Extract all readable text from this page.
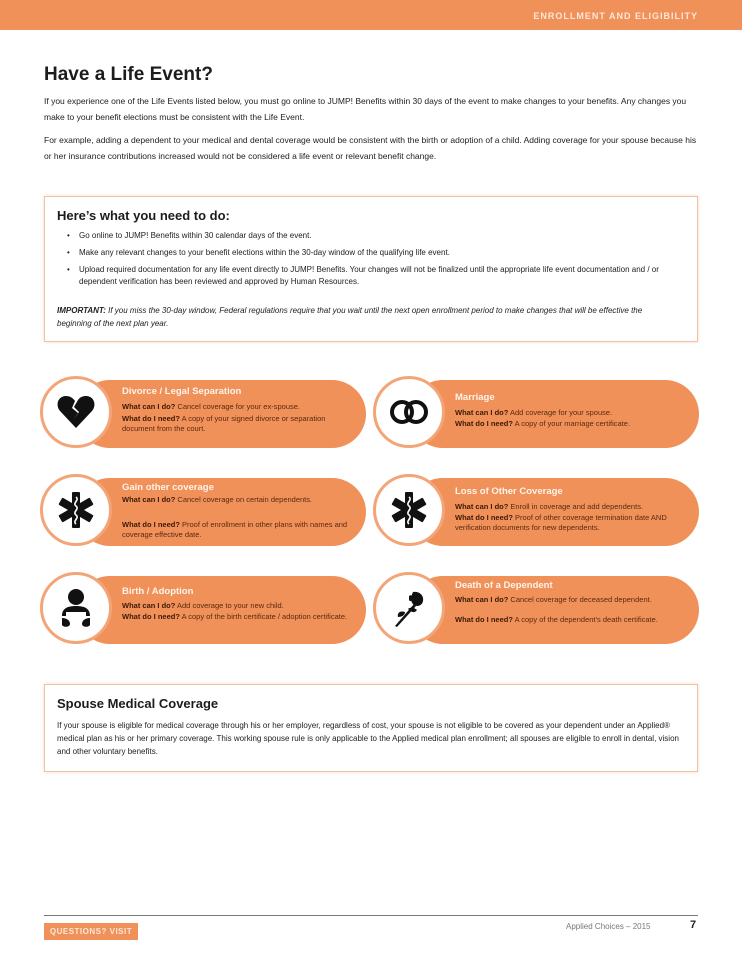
ENROLLMENT AND ELIGIBILITY
Have a Life Event?

If you experience one of the Life Events listed below, you must go online to JUMP! Benefits within 30 days of the event to make changes to your benefits. Any changes you make to your benefit elections must be consistent with the Life Event.

For example, adding a dependent to your medical and dental coverage would be consistent with the birth or adoption of a child. Adding coverage for your spouse because his or her insurance contributions increased would not be considered a life event or relevant benefit change.

Here’s what you need to do:
• Go online to JUMP! Benefits within 30 calendar days of the event.
• Make any relevant changes to your benefit elections within the 30-day window of the qualifying life event.
• Upload required documentation for any life event directly to JUMP! Benefits. Your changes will not be finalized until the appropriate life event documentation and / or dependent verification has been reviewed and approved by Human Resources.

IMPORTANT: If you miss the 30-day window, Federal regulations require that you wait until the next open enrollment period to make changes that will be effective the beginning of the next plan year.

Divorce / Legal Separation
What can I do? Cancel coverage for your ex-spouse.
What do I need? A copy of your signed divorce or separation document from the court.
Marriage
What can I do? Add coverage for your spouse.
What do I need? A copy of your marriage certificate.
Gain other coverage
What can I do? Cancel coverage on certain dependents.
What do I need? Proof of enrollment in other plans with names and coverage effective date.
Loss of Other Coverage
What can I do? Enroll in coverage and add dependents.
What do I need? Proof of other coverage termination date AND verification documents for new dependents.
Birth / Adoption
What can I do? Add coverage to your new child.
What do I need? A copy of the birth certificate / adoption certificate.
Death of a Dependent
What can I do? Cancel coverage for deceased dependent.
What do I need? A copy of the dependent’s death certificate.
Spouse Medical Coverage

If your spouse is eligible for medical coverage through his or her employer, regardless of cost, your spouse is not eligible to be covered as your dependent under an Applied® medical plan as his or her primary coverage. This working spouse rule is only applicable to the Applied medical plan enrollment; all spouses are eligible to enroll in dental, vision and other voluntary benefits.

QUESTIONS? VISIT
Applied Choices – 2015	7
